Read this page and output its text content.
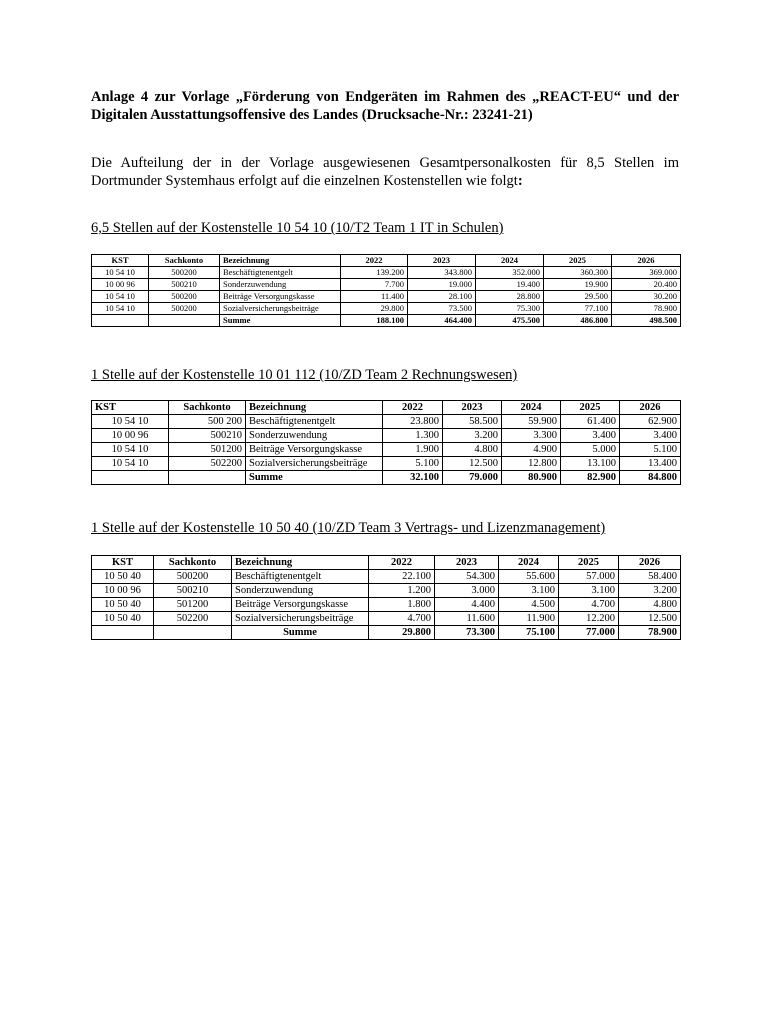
Anlage 4 zur Vorlage „Förderung von Endgeräten im Rahmen des „REACT-EU“ und der Digitalen Ausstattungsoffensive des Landes (Drucksache-Nr.: 23241-21)
Die Aufteilung der in der Vorlage ausgewiesenen Gesamtpersonalkosten für 8,5 Stellen im Dortmunder Systemhaus erfolgt auf die einzelnen Kostenstellen wie folgt:
6,5 Stellen auf der Kostenstelle 10 54 10 (10/T2 Team 1 IT in Schulen)
KST	Sachkonto	Bezeichnung	2022	2023	2024	2025	2026
10 54 10	500200	Beschäftigtenentgelt	139.200	343.800	352.000	360.300	369.000
10 00 96	500210	Sonderzuwendung	7.700	19.000	19.400	19.900	20.400
10 54 10	500200	Beiträge Versorgungskasse	11.400	28.100	28.800	29.500	30.200
10 54 10	500200	Sozialversicherungsbeiträge	29.800	73.500	75.300	77.100	78.900
		Summe	188.100	464.400	475.500	486.800	498.500
1 Stelle auf der Kostenstelle 10 01 112 (10/ZD Team 2 Rechnungswesen)
KST	Sachkonto	Bezeichnung	2022	2023	2024	2025	2026
10 54 10	500 200	Beschäftigtenentgelt	23.800	58.500	59.900	61.400	62.900
10 00 96	500210	Sonderzuwendung	1.300	3.200	3.300	3.400	3.400
10 54 10	501200	Beiträge Versorgungskasse	1.900	4.800	4.900	5.000	5.100
10 54 10	502200	Sozialversicherungsbeiträge	5.100	12.500	12.800	13.100	13.400
		Summe	32.100	79.000	80.900	82.900	84.800
1 Stelle auf der Kostenstelle 10 50 40 (10/ZD Team 3 Vertrags- und Lizenzmanagement)
KST	Sachkonto	Bezeichnung	2022	2023	2024	2025	2026
10 50 40	500200	Beschäftigtenentgelt	22.100	54.300	55.600	57.000	58.400
10 00 96	500210	Sonderzuwendung	1.200	3.000	3.100	3.100	3.200
10 50 40	501200	Beiträge Versorgungskasse	1.800	4.400	4.500	4.700	4.800
10 50 40	502200	Sozialversicherungsbeiträge	4.700	11.600	11.900	12.200	12.500
		Summe	29.800	73.300	75.100	77.000	78.900
